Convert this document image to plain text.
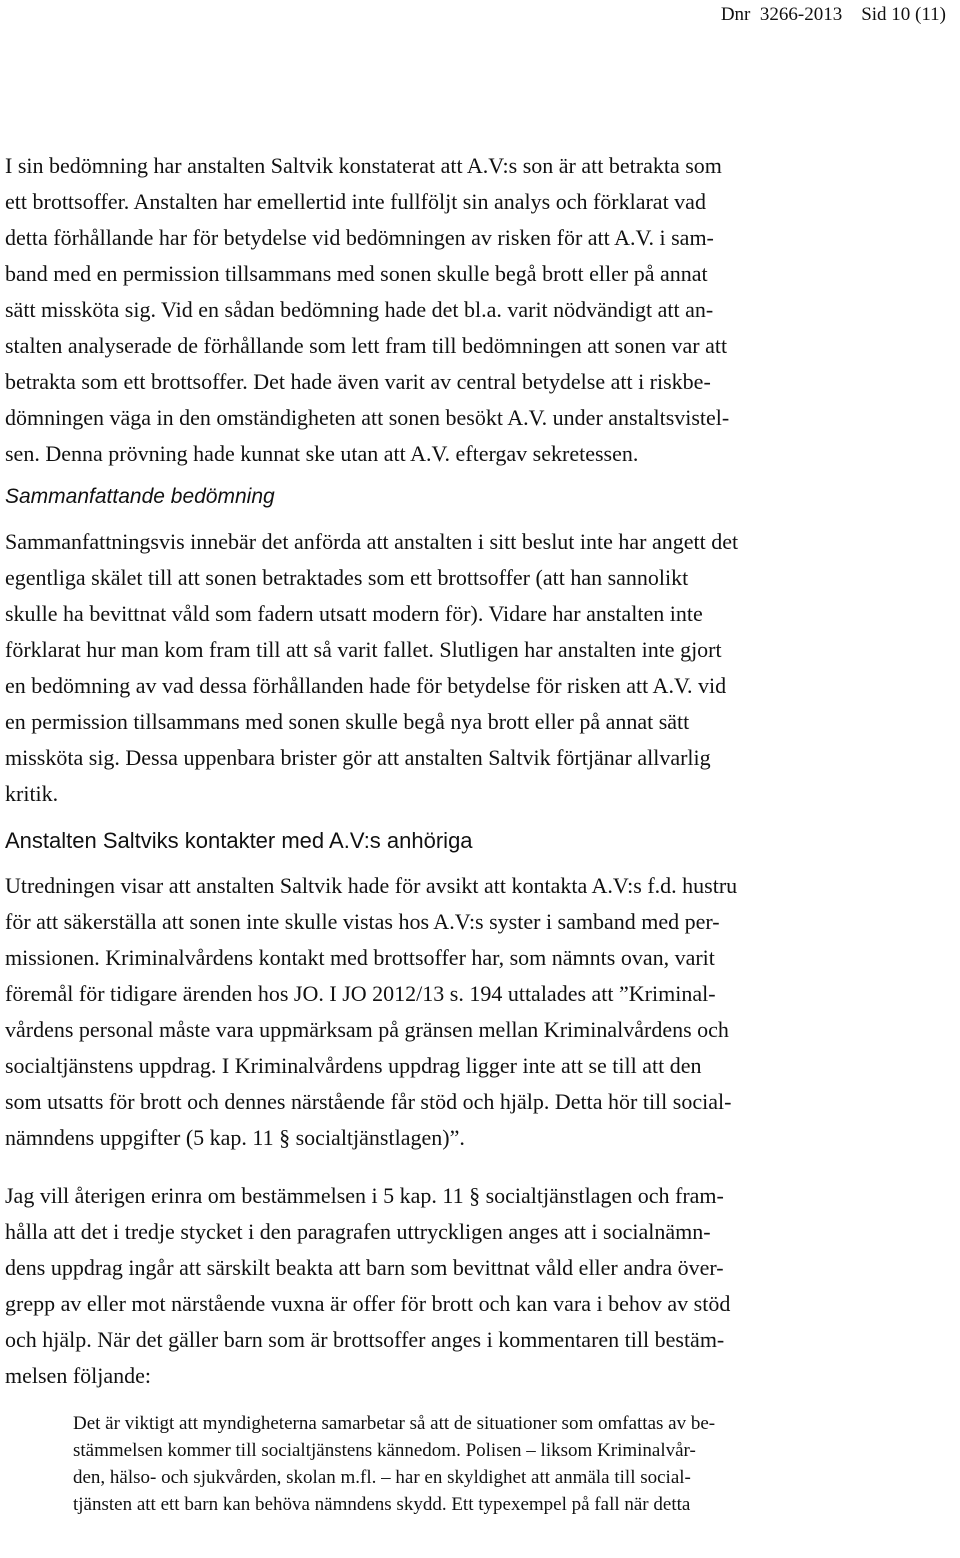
Dnr  3266-2013 Sid 10 (11)
I sin bedömning har anstalten Saltvik konstaterat att A.V:s son är att betrakta som
ett brottsoffer. Anstalten har emellertid inte fullföljt sin analys och förklarat vad
detta förhållande har för betydelse vid bedömningen av risken för att A.V. i sam-
band med en permission tillsammans med sonen skulle begå brott eller på annat
sätt missköta sig. Vid en sådan bedömning hade det bl.a. varit nödvändigt att an-
stalten analyserade de förhållande som lett fram till bedömningen att sonen var att
betrakta som ett brottsoffer. Det hade även varit av central betydelse att i riskbe-
dömningen väga in den omständigheten att sonen besökt A.V. under anstaltsvistel-
sen. Denna prövning hade kunnat ske utan att A.V. eftergav sekretessen.
Sammanfattande bedömning
Sammanfattningsvis innebär det anförda att anstalten i sitt beslut inte har angett det
egentliga skälet till att sonen betraktades som ett brottsoffer (att han sannolikt
skulle ha bevittnat våld som fadern utsatt modern för). Vidare har anstalten inte
förklarat hur man kom fram till att så varit fallet. Slutligen har anstalten inte gjort
en bedömning av vad dessa förhållanden hade för betydelse för risken att A.V. vid
en permission tillsammans med sonen skulle begå nya brott eller på annat sätt
missköta sig. Dessa uppenbara brister gör att anstalten Saltvik förtjänar allvarlig
kritik.
Anstalten Saltviks kontakter med A.V:s anhöriga
Utredningen visar att anstalten Saltvik hade för avsikt att kontakta A.V:s f.d. hustru
för att säkerställa att sonen inte skulle vistas hos A.V:s syster i samband med per-
missionen. Kriminalvårdens kontakt med brottsoffer har, som nämnts ovan, varit
föremål för tidigare ärenden hos JO. I JO 2012/13 s. 194 uttalades att ”Kriminal-
vårdens personal måste vara uppmärksam på gränsen mellan Kriminalvårdens och
socialtjänstens uppdrag. I Kriminalvårdens uppdrag ligger inte att se till att den
som utsatts för brott och dennes närstående får stöd och hjälp. Detta hör till social-
nämndens uppgifter (5 kap. 11 § socialtjänstlagen)”.
Jag vill återigen erinra om bestämmelsen i 5 kap. 11 § socialtjänstlagen och fram-
hålla att det i tredje stycket i den paragrafen uttryckligen anges att i socialnämn-
dens uppdrag ingår att särskilt beakta att barn som bevittnat våld eller andra över-
grepp av eller mot närstående vuxna är offer för brott och kan vara i behov av stöd
och hjälp. När det gäller barn som är brottsoffer anges i kommentaren till bestäm-
melsen följande:
Det är viktigt att myndigheterna samarbetar så att de situationer som omfattas av be-
stämmelsen kommer till socialtjänstens kännedom. Polisen – liksom Kriminalvår-
den, hälso- och sjukvården, skolan m.fl. – har en skyldighet att anmäla till social-
tjänsten att ett barn kan behöva nämndens skydd. Ett typexempel på fall när detta
